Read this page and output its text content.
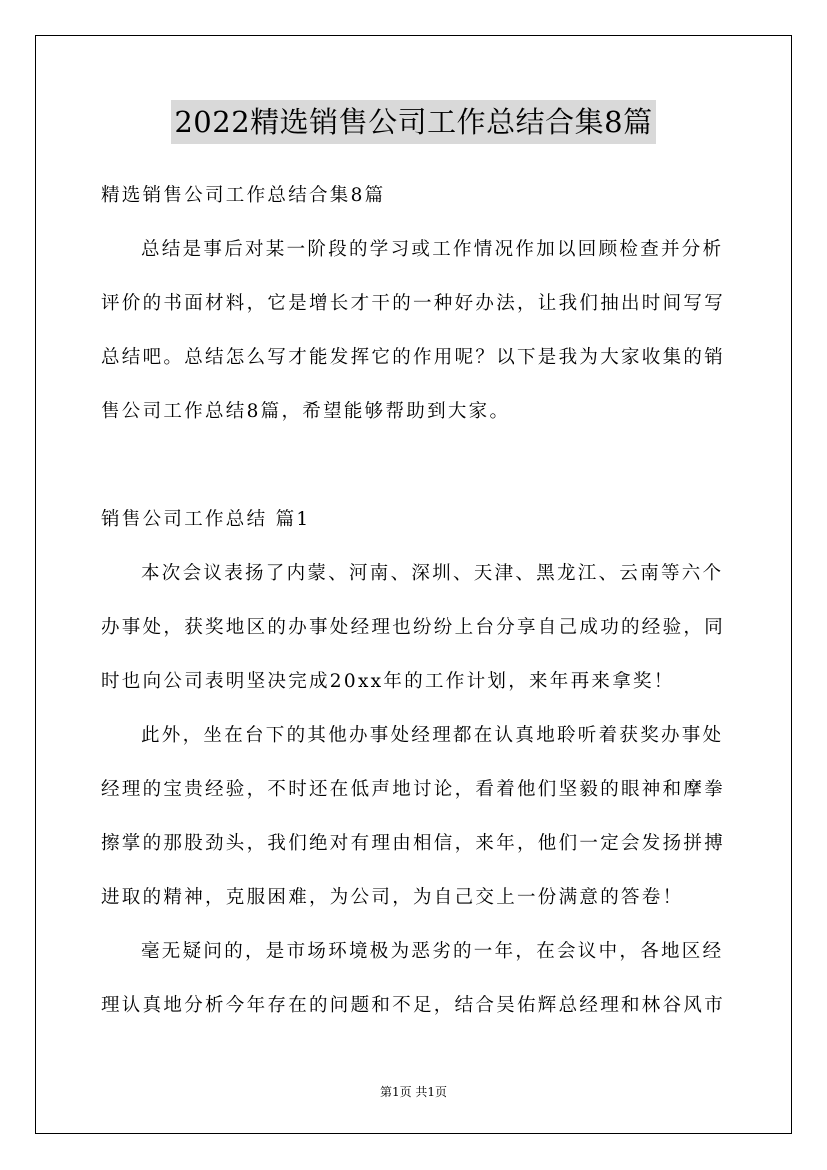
2022精选销售公司工作总结合集8篇
精选销售公司工作总结合集8篇
总结是事后对某一阶段的学习或工作情况作加以回顾检查并分析
评价的书面材料，它是增长才干的一种好办法，让我们抽出时间写写
总结吧。总结怎么写才能发挥它的作用呢？以下是我为大家收集的销
售公司工作总结8篇，希望能够帮助到大家。
销售公司工作总结 篇1
本次会议表扬了内蒙、河南、深圳、天津、黑龙江、云南等六个
办事处，获奖地区的办事处经理也纷纷上台分享自己成功的经验，同
时也向公司表明坚决完成20xx年的工作计划，来年再来拿奖！
此外，坐在台下的其他办事处经理都在认真地聆听着获奖办事处
经理的宝贵经验，不时还在低声地讨论，看着他们坚毅的眼神和摩拳
擦掌的那股劲头，我们绝对有理由相信，来年，他们一定会发扬拼搏
进取的精神，克服困难，为公司，为自己交上一份满意的答卷！
毫无疑问的，是市场环境极为恶劣的一年，在会议中，各地区经
理认真地分析今年存在的问题和不足，结合吴佑辉总经理和林谷风市
第1页 共1页
